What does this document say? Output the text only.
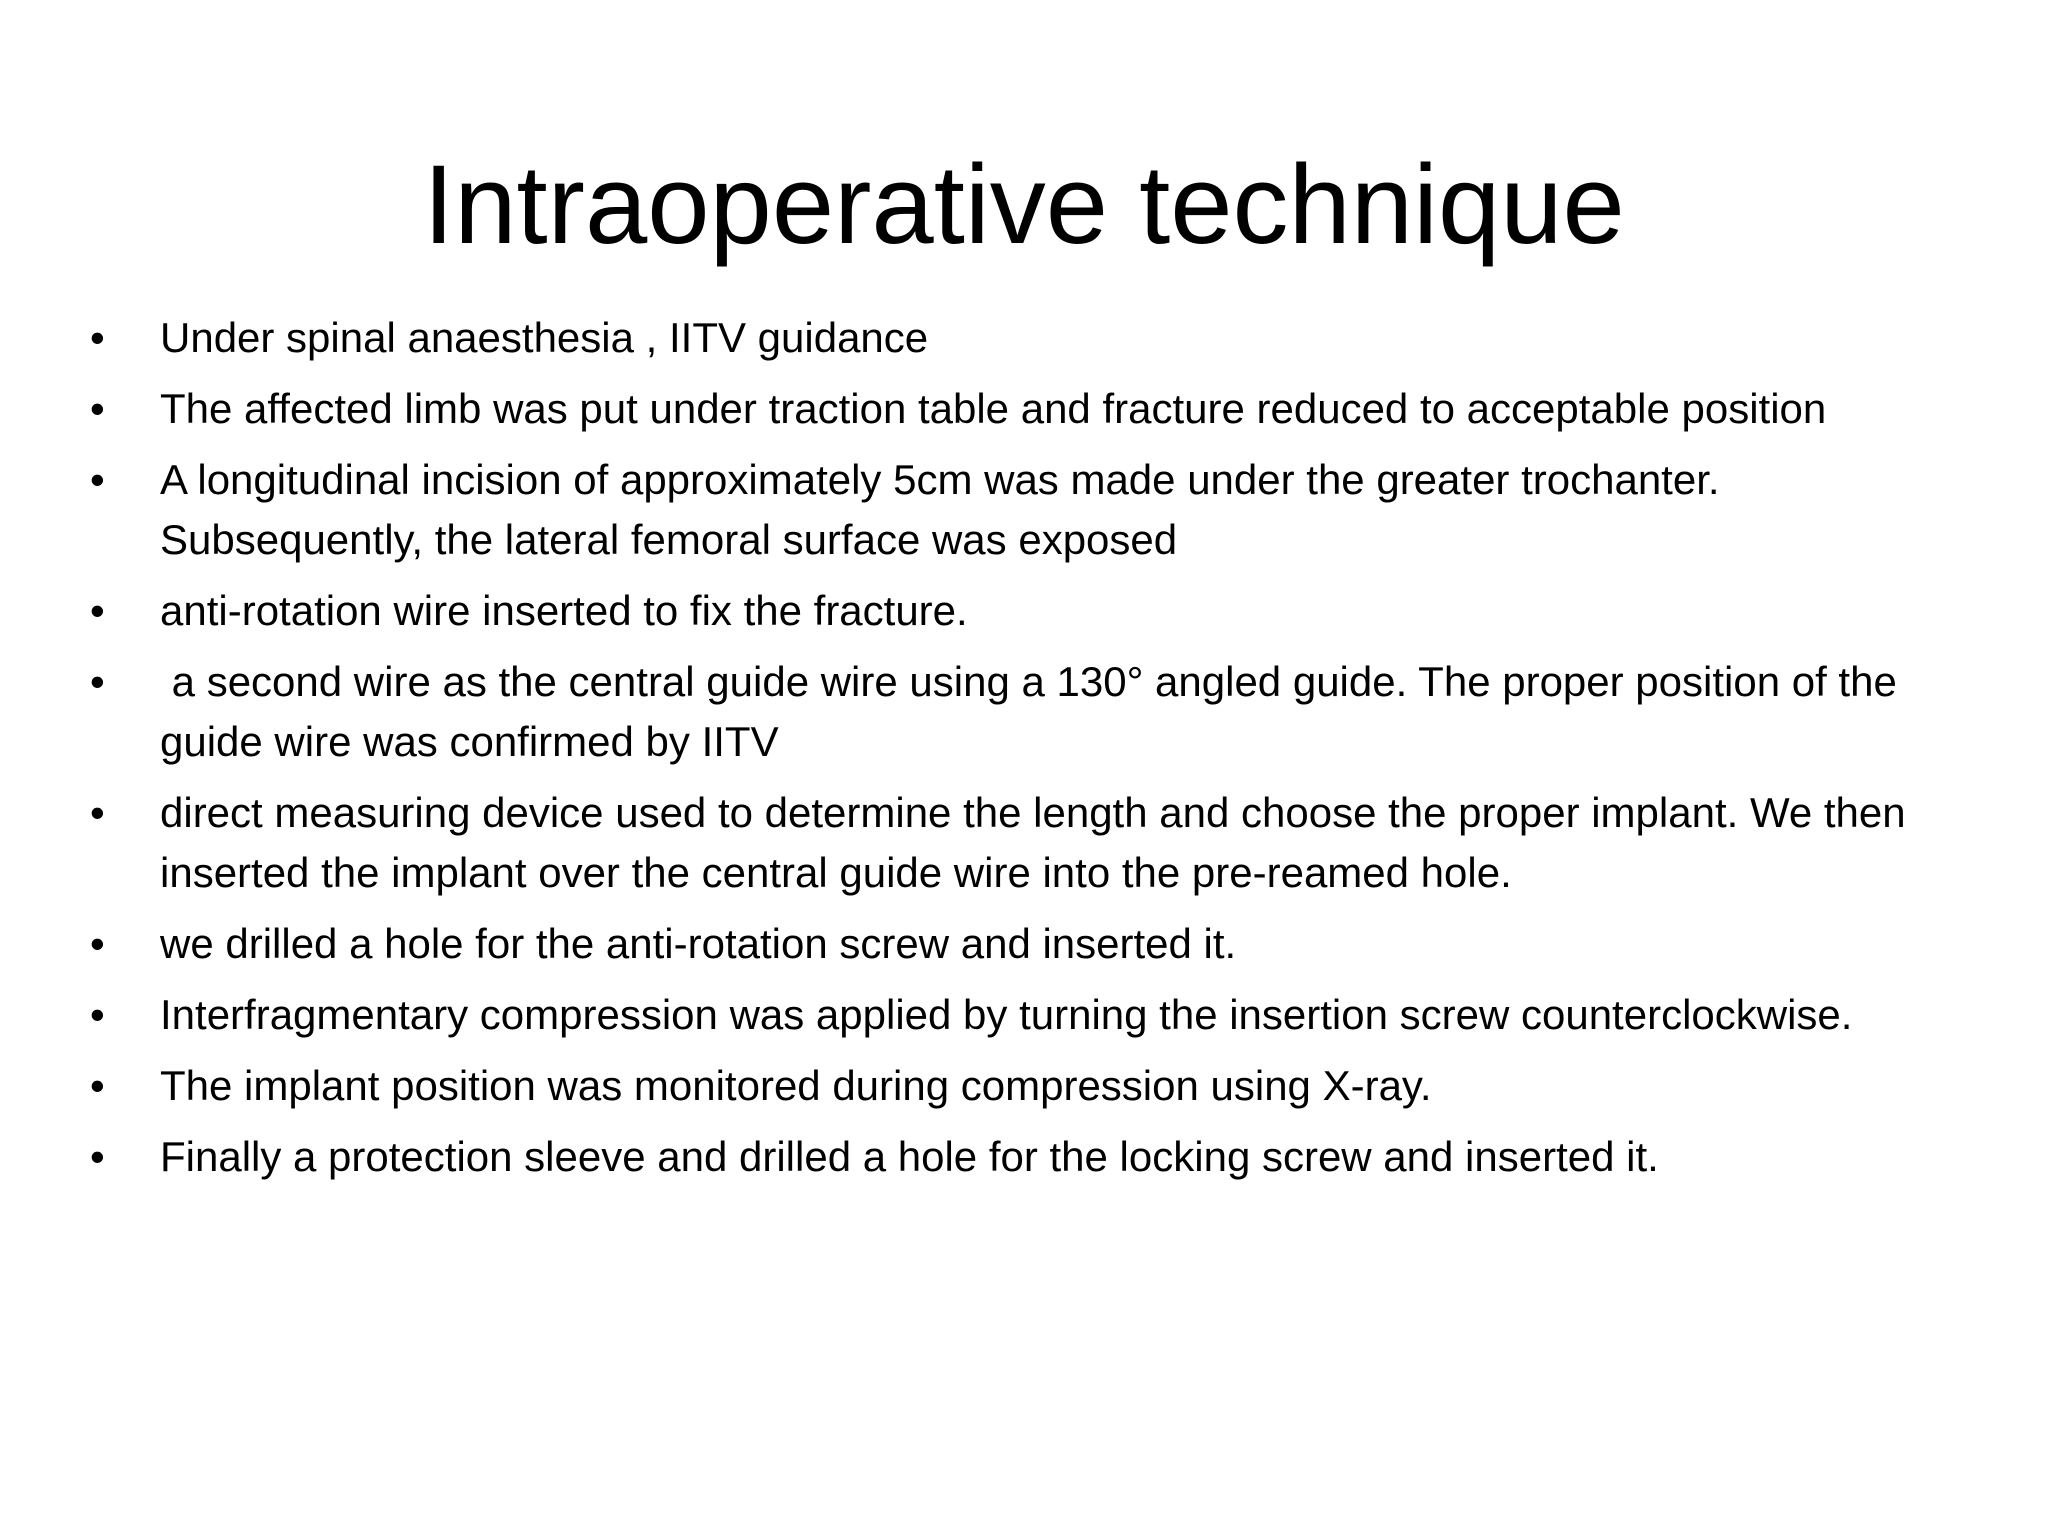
Intraoperative technique
•	Under spinal anaesthesia , IITV guidance
•	The affected limb was put under traction table and fracture reduced to acceptable position
•	A longitudinal incision of approximately 5cm was made under the greater trochanter. Subsequently, the lateral femoral surface was exposed
•	anti-rotation wire inserted to fix the fracture.
•	a second wire as the central guide wire using a 130° angled guide. The proper position of the guide wire was confirmed by IITV
•	direct measuring device used to determine the length and choose the proper implant. We then inserted the implant over the central guide wire into the pre-reamed hole.
•	we drilled a hole for the anti-rotation screw and inserted it.
•	Interfragmentary compression was applied by turning the insertion screw counterclockwise.
•	The implant position was monitored during compression using X-ray.
•	Finally a protection sleeve and drilled a hole for the locking screw and inserted it.
